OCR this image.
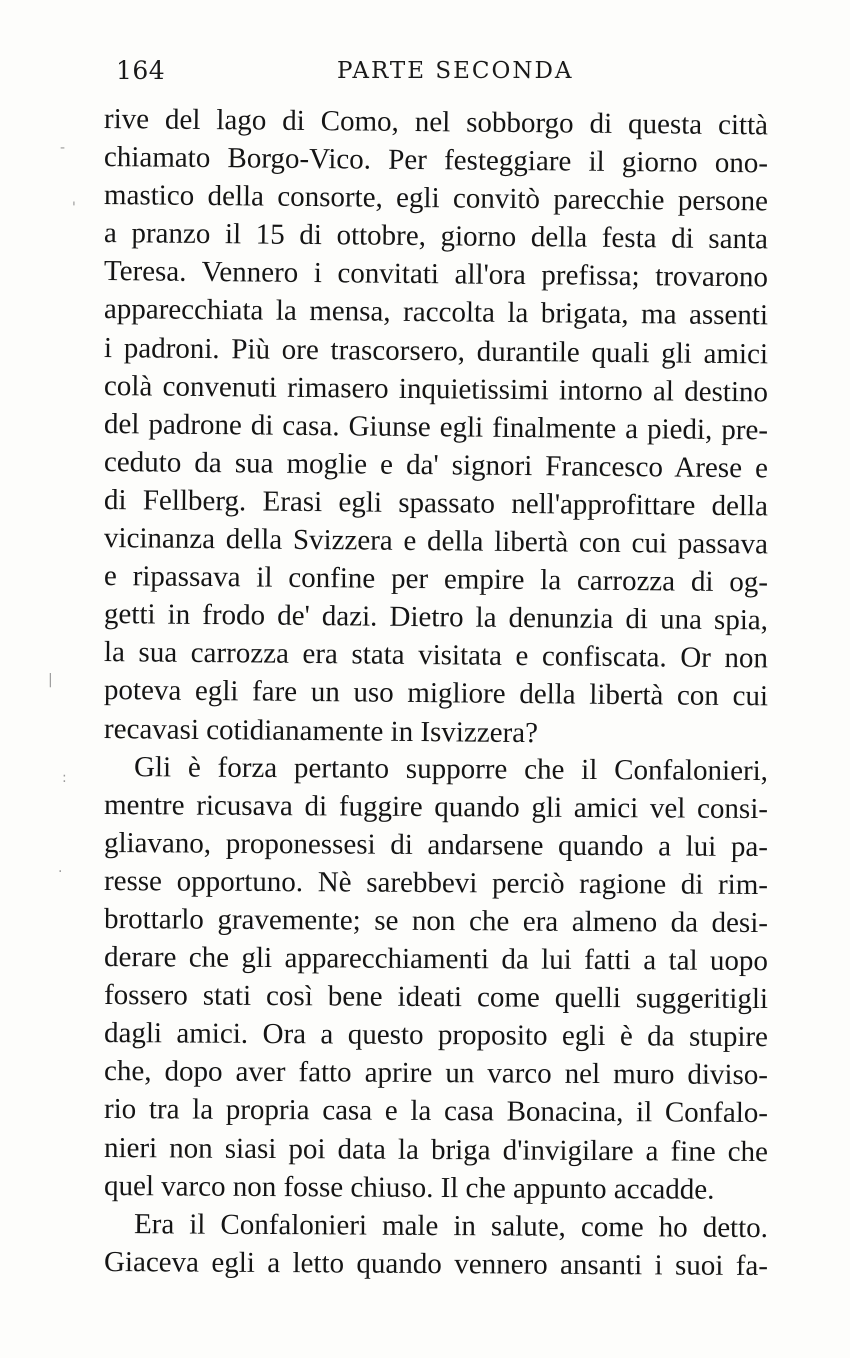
164	PARTE SECONDA
rive del lago di Como, nel sobborgo di questa città
chiamato Borgo-Vico. Per festeggiare il giorno ono-
mastico della consorte, egli convitò parecchie persone
a pranzo il 15 di ottobre, giorno della festa di santa
Teresa. Vennero i convitati all'ora prefissa; trovarono
apparecchiata la mensa, raccolta la brigata, ma assenti
i padroni. Più ore trascorsero, durantile quali gli amici
colà convenuti rimasero inquietissimi intorno al destino
del padrone di casa. Giunse egli finalmente a piedi, pre-
ceduto da sua moglie e da' signori Francesco Arese e
di Fellberg. Erasi egli spassato nell'approfittare della
vicinanza della Svizzera e della libertà con cui passava
e ripassava il confine per empire la carrozza di og-
getti in frodo de' dazi. Dietro la denunzia di una spia,
la sua carrozza era stata visitata e confiscata. Or non
poteva egli fare un uso migliore della libertà con cui
recavasi cotidianamente in Isvizzera?
Gli è forza pertanto supporre che il Confalonieri,
mentre ricusava di fuggire quando gli amici vel consi-
gliavano, proponessesi di andarsene quando a lui pa-
resse opportuno. Nè sarebbevi perciò ragione di rim-
brottarlo gravemente; se non che era almeno da desi-
derare che gli apparecchiamenti da lui fatti a tal uopo
fossero stati così bene ideati come quelli suggeritigli
dagli amici. Ora a questo proposito egli è da stupire
che, dopo aver fatto aprire un varco nel muro diviso-
rio tra la propria casa e la casa Bonacina, il Confalo-
nieri non siasi poi data la briga d'invigilare a fine che
quel varco non fosse chiuso. Il che appunto accadde.
Era il Confalonieri male in salute, come ho detto.
Giaceva egli a letto quando vennero ansanti i suoi fa-
-
'
|
:
.
